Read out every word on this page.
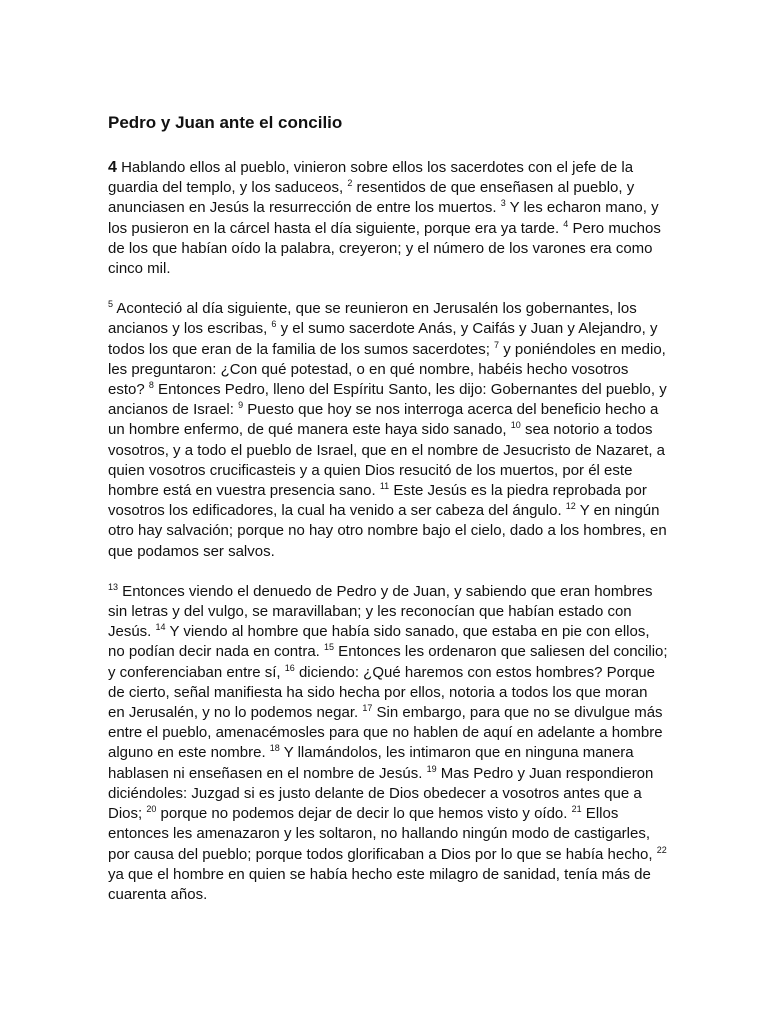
Pedro y Juan ante el concilio

4 Hablando ellos al pueblo, vinieron sobre ellos los sacerdotes con el jefe de la guardia del templo, y los saduceos, $^2$ resentidos de que enseñasen al pueblo, y anunciasen en Jesús la resurrección de entre los muertos. $^3$ Y les echaron mano, y los pusieron en la cárcel hasta el día siguiente, porque era ya tarde. $^4$ Pero muchos de los que habían oído la palabra, creyeron; y el número de los varones era como cinco mil.

$^5$ Aconteció al día siguiente, que se reunieron en Jerusalén los gobernantes, los ancianos y los escribas, $^6$ y el sumo sacerdote Anás, y Caifás y Juan y Alejandro, y todos los que eran de la familia de los sumos sacerdotes; $^7$ y poniéndoles en medio, les preguntaron: ¿Con qué potestad, o en qué nombre, habéis hecho vosotros esto? $^8$ Entonces Pedro, lleno del Espíritu Santo, les dijo: Gobernantes del pueblo, y ancianos de Israel: $^9$ Puesto que hoy se nos interroga acerca del beneficio hecho a un hombre enfermo, de qué manera este haya sido sanado, $^{10}$ sea notorio a todos vosotros, y a todo el pueblo de Israel, que en el nombre de Jesucristo de Nazaret, a quien vosotros crucificasteis y a quien Dios resucitó de los muertos, por él este hombre está en vuestra presencia sano. $^{11}$ Este Jesús es la piedra reprobada por vosotros los edificadores, la cual ha venido a ser cabeza del ángulo. $^{12}$ Y en ningún otro hay salvación; porque no hay otro nombre bajo el cielo, dado a los hombres, en que podamos ser salvos.

$^{13}$ Entonces viendo el denuedo de Pedro y de Juan, y sabiendo que eran hombres sin letras y del vulgo, se maravillaban; y les reconocían que habían estado con Jesús. $^{14}$ Y viendo al hombre que había sido sanado, que estaba en pie con ellos, no podían decir nada en contra. $^{15}$ Entonces les ordenaron que saliesen del concilio; y conferenciaban entre sí, $^{16}$ diciendo: ¿Qué haremos con estos hombres? Porque de cierto, señal manifiesta ha sido hecha por ellos, notoria a todos los que moran en Jerusalén, y no lo podemos negar. $^{17}$ Sin embargo, para que no se divulgue más entre el pueblo, amenacémosles para que no hablen de aquí en adelante a hombre alguno en este nombre. $^{18}$ Y llamándolos, les intimaron que en ninguna manera hablasen ni enseñasen en el nombre de Jesús. $^{19}$ Mas Pedro y Juan respondieron diciéndoles: Juzgad si es justo delante de Dios obedecer a vosotros antes que a Dios; $^{20}$ porque no podemos dejar de decir lo que hemos visto y oído. $^{21}$ Ellos entonces les amenazaron y les soltaron, no hallando ningún modo de castigarles, por causa del pueblo; porque todos glorificaban a Dios por lo que se había hecho, $^{22}$ ya que el hombre en quien se había hecho este milagro de sanidad, tenía más de cuarenta años.
